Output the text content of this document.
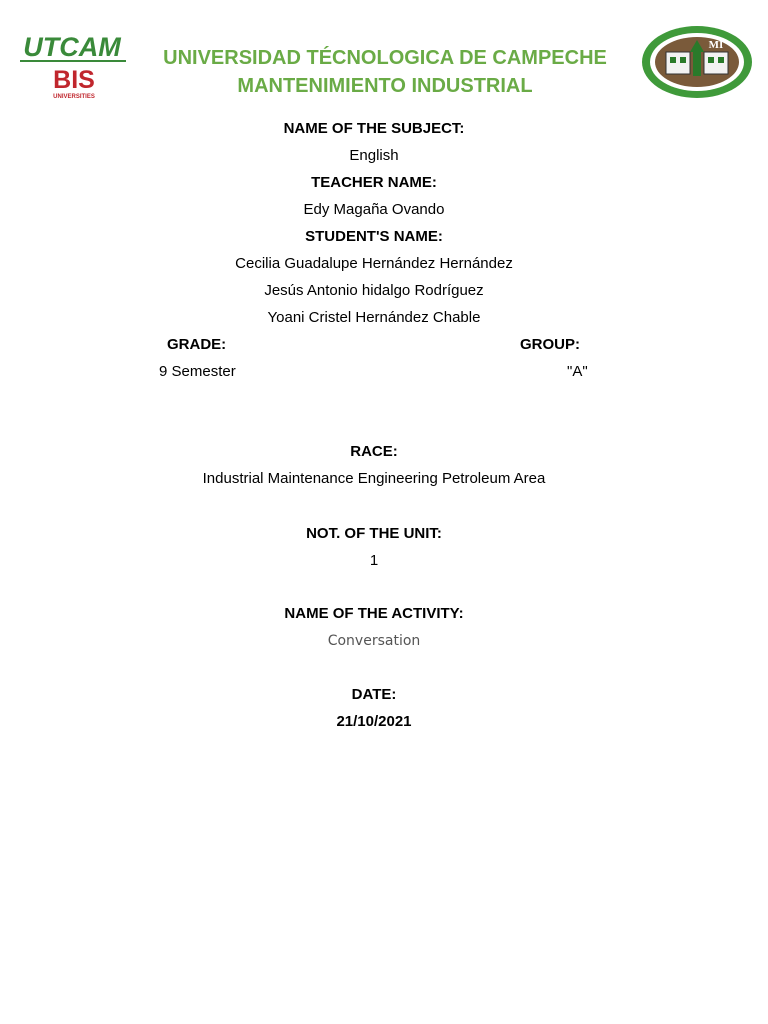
UTCAM
BIS
UNIVERSITIES
UNIVERSIDAD TÉCNOLOGICA DE CAMPECHE
MANTENIMIENTO INDUSTRIAL
MI
NAME OF THE SUBJECT:
English
TEACHER NAME:
Edy Magaña Ovando
STUDENT'S NAME:
Cecilia Guadalupe Hernández Hernández
Jesús Antonio hidalgo Rodríguez
Yoani Cristel Hernández Chable
GRADE:	GROUP:
9 Semester	"A"
RACE:
Industrial Maintenance Engineering Petroleum Area
NOT. OF THE UNIT:
1
NAME OF THE ACTIVITY:
Conversation
DATE:
21/10/2021
